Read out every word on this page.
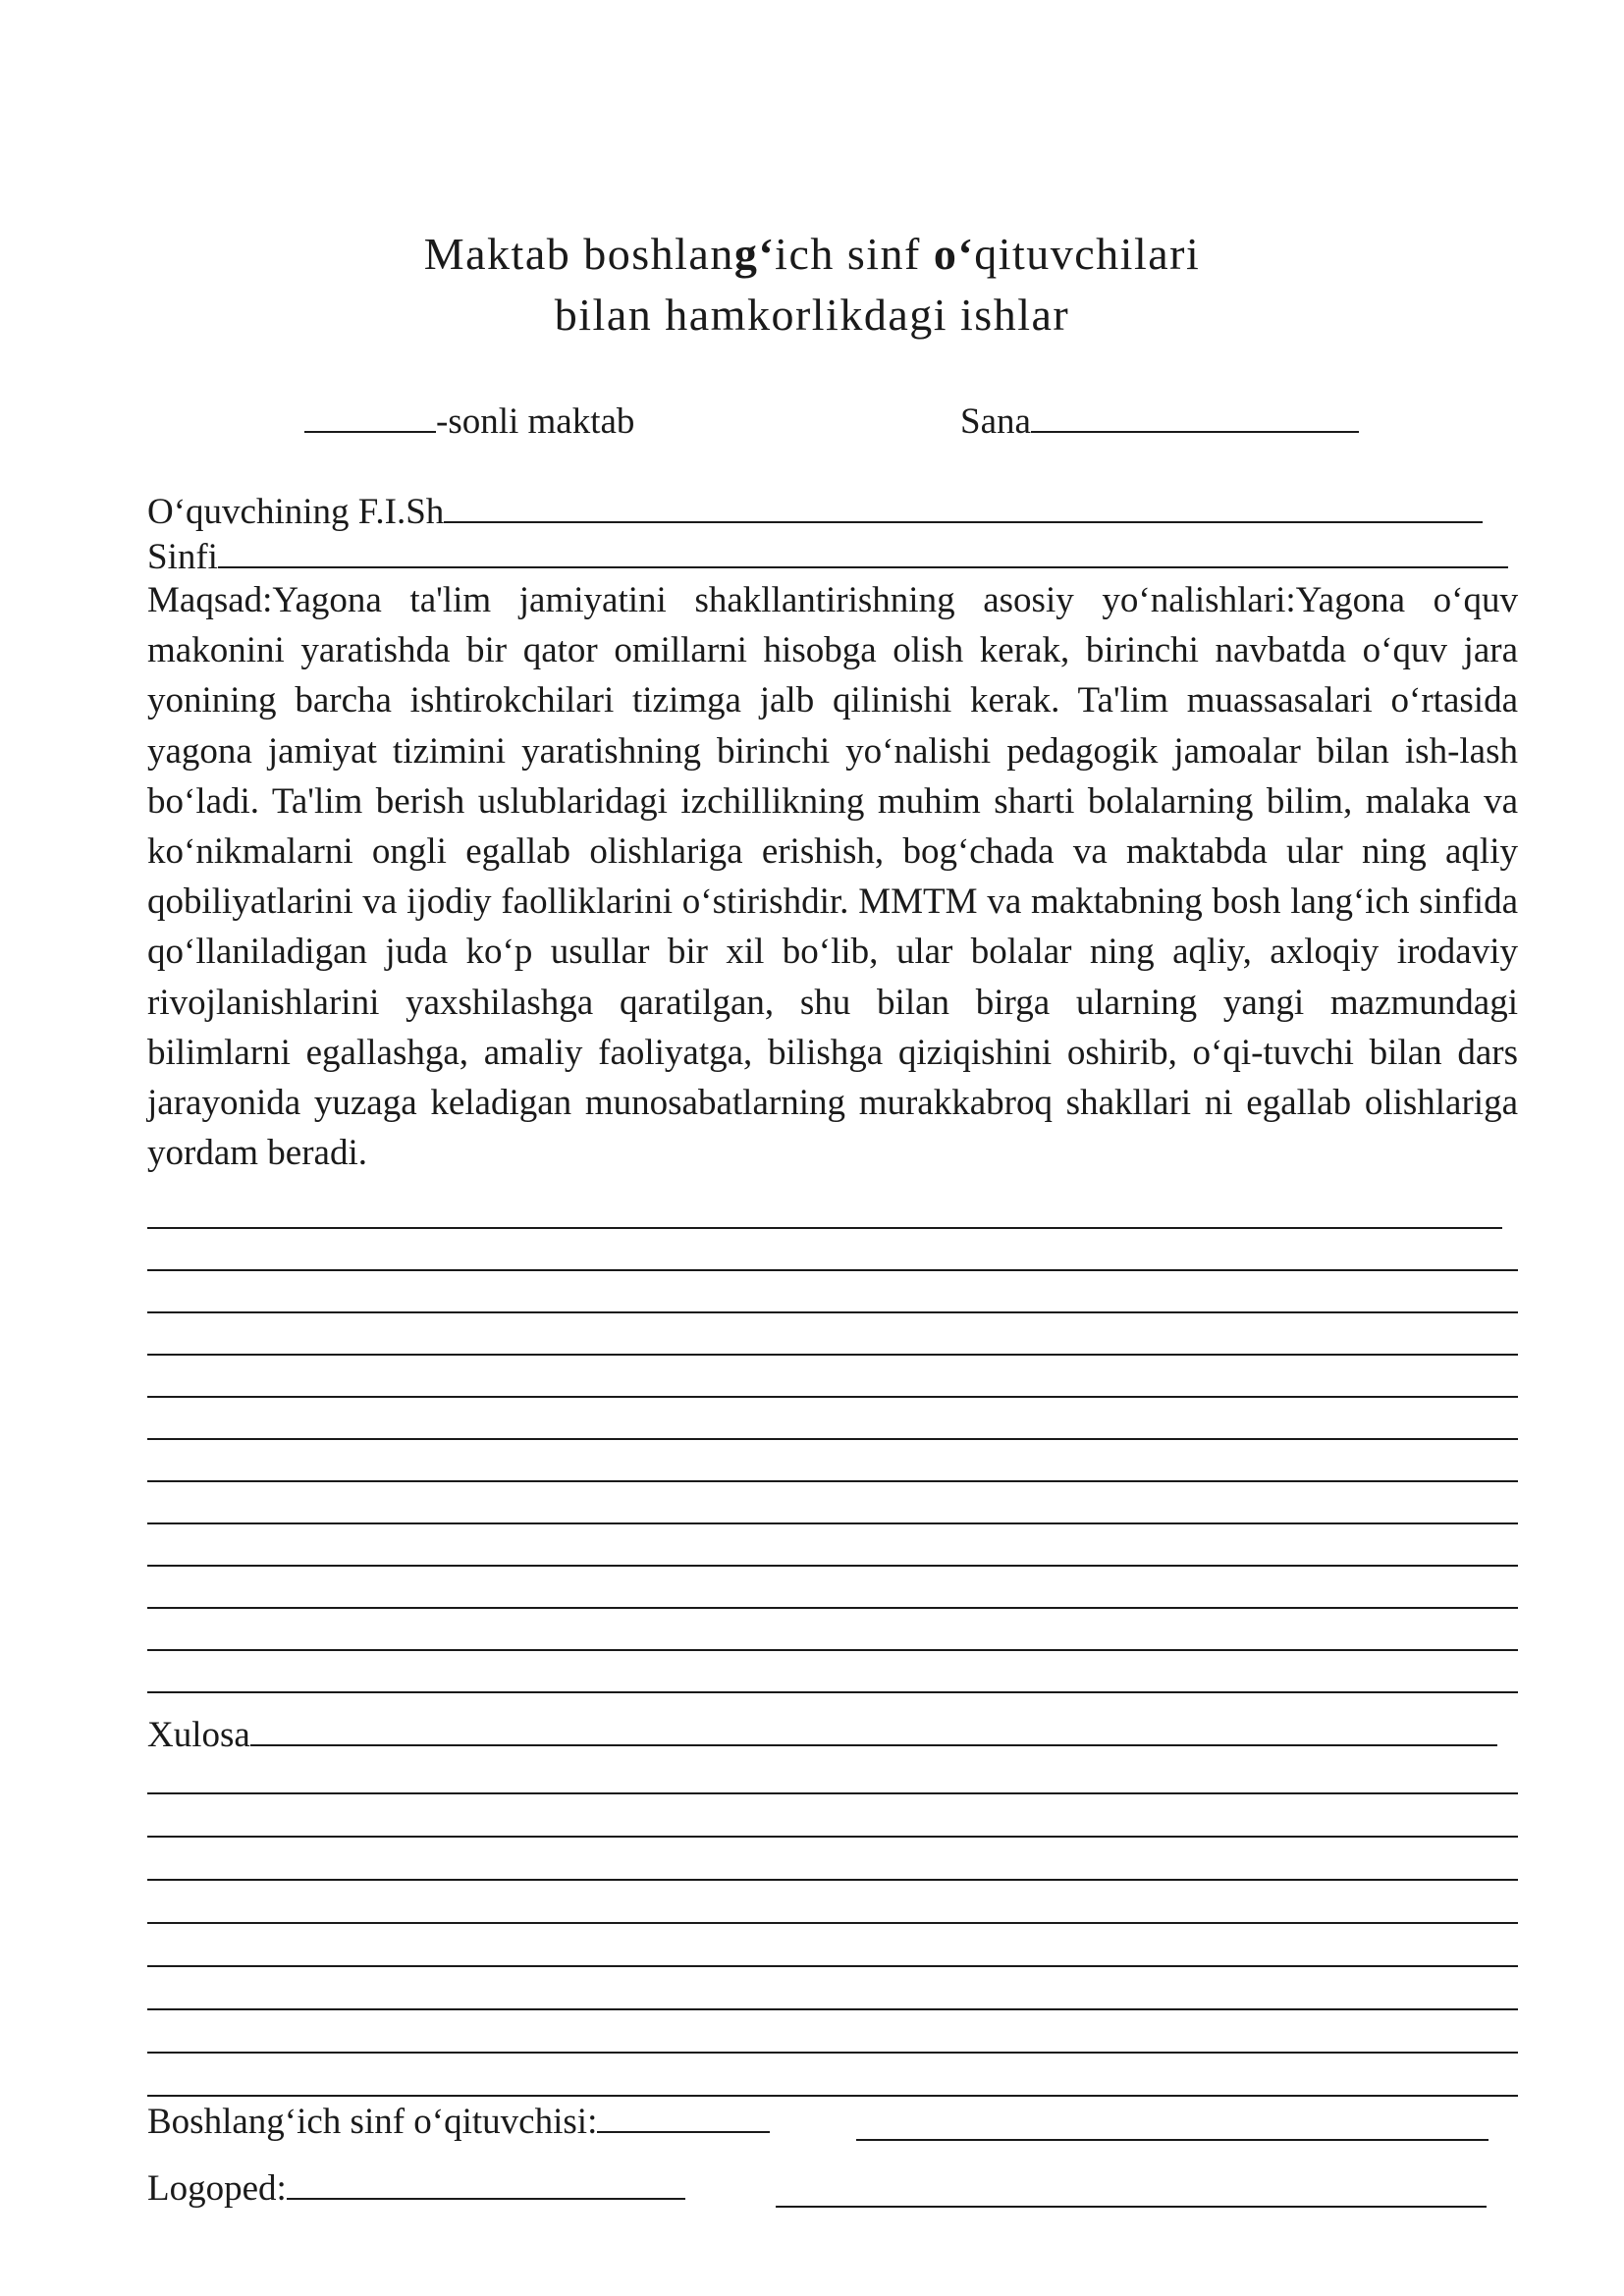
Maktab boshlang‘ich sinf o‘qituvchilari
bilan hamkorlikdagi ishlar
-sonli maktab	Sana
O‘quvchining F.I.Sh
Sinfi
Maqsad:Yagona ta'lim jamiyatini shakllantirishning asosiy yo‘nalishlari:Yagona o‘quv makonini yaratishda bir qator omillarni hisobga olish kerak, birinchi navbatda o‘quv jara yonining barcha ishtirokchilari tizimga jalb qilinishi kerak. Ta'lim muassasalari o‘rtasida yagona jamiyat tizimini yaratishning birinchi yo‘nalishi pedagogik jamoalar bilan ish-lash bo‘ladi. Ta'lim berish uslublaridagi izchillikning muhim sharti bolalarning bilim, malaka va ko‘nikmalarni ongli egallab olishlariga erishish, bog‘chada va maktabda ular ning aqliy qobiliyatlarini va ijodiy faolliklarini o‘stirishdir. MMTM va maktabning bosh lang‘ich sinfida qo‘llaniladigan juda ko‘p usullar bir xil bo‘lib, ular bolalar ning aqliy, axloqiy irodaviy rivojlanishlarini yaxshilashga qaratilgan, shu bilan birga ularning yangi mazmundagi bilimlarni egallashga, amaliy faoliyatga, bilishga qiziqishini oshirib, o‘qi-tuvchi bilan dars jarayonida yuzaga keladigan munosabatlarning murakkabroq shakllari ni egallab olishlariga yordam beradi.
Xulosa
Boshlang‘ich sinf o‘qituvchisi:
Logoped:
